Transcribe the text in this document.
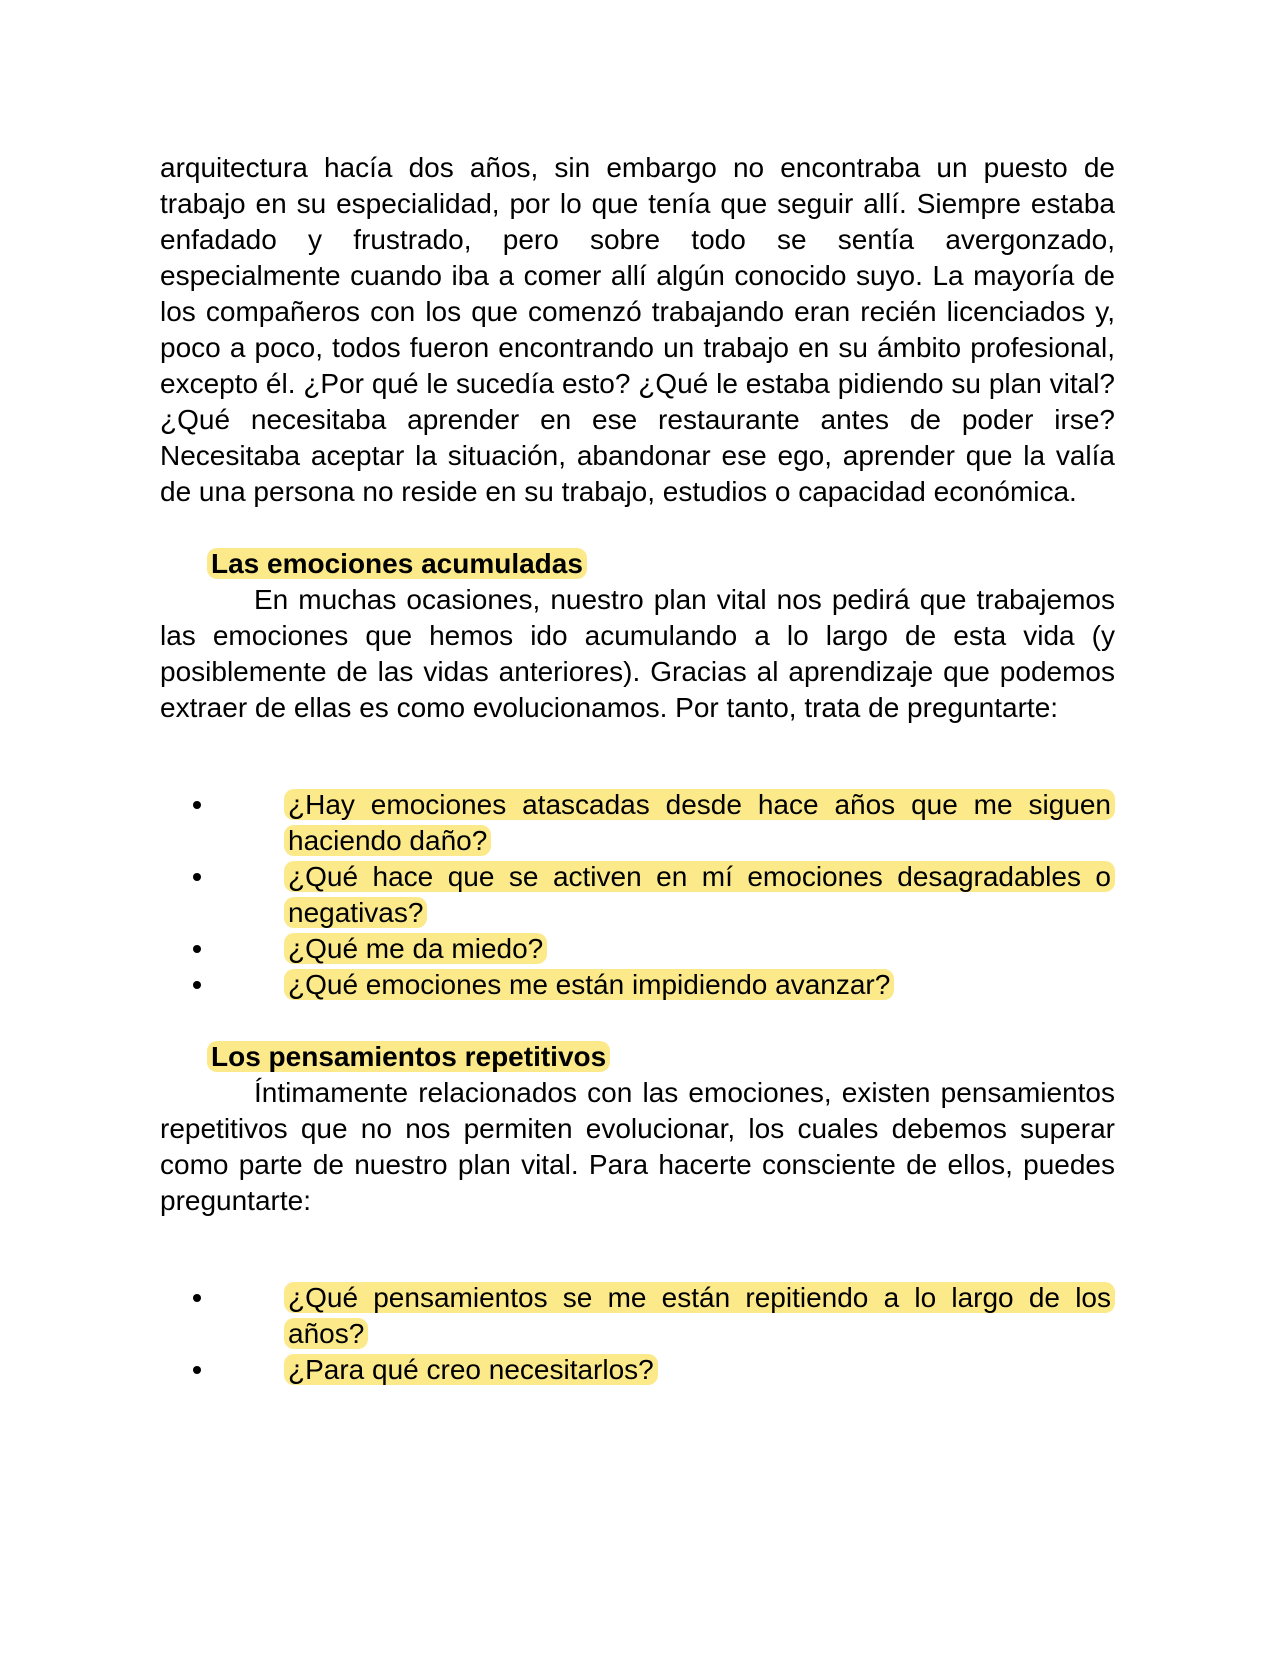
arquitectura hacía dos años, sin embargo no encontraba un puesto de trabajo en su especialidad, por lo que tenía que seguir allí. Siempre estaba enfadado y frustrado, pero sobre todo se sentía avergonzado, especialmente cuando iba a comer allí algún conocido suyo. La mayoría de los compañeros con los que comenzó trabajando eran recién licenciados y, poco a poco, todos fueron encontrando un trabajo en su ámbito profesional, excepto él. ¿Por qué le sucedía esto? ¿Qué le estaba pidiendo su plan vital? ¿Qué necesitaba aprender en ese restaurante antes de poder irse? Necesitaba aceptar la situación, abandonar ese ego, aprender que la valía de una persona no reside en su trabajo, estudios o capacidad económica.

Las emociones acumuladas

En muchas ocasiones, nuestro plan vital nos pedirá que trabajemos las emociones que hemos ido acumulando a lo largo de esta vida (y posiblemente de las vidas anteriores). Gracias al aprendizaje que podemos extraer de ellas es como evolucionamos. Por tanto, trata de preguntarte:

¿Hay emociones atascadas desde hace años que me siguen haciendo daño?
¿Qué hace que se activen en mí emociones desagradables o negativas?
¿Qué me da miedo?
¿Qué emociones me están impidiendo avanzar?
Los pensamientos repetitivos

Íntimamente relacionados con las emociones, existen pensamientos repetitivos que no nos permiten evolucionar, los cuales debemos superar como parte de nuestro plan vital. Para hacerte consciente de ellos, puedes preguntarte:

¿Qué pensamientos se me están repitiendo a lo largo de los años?
¿Para qué creo necesitarlos?
